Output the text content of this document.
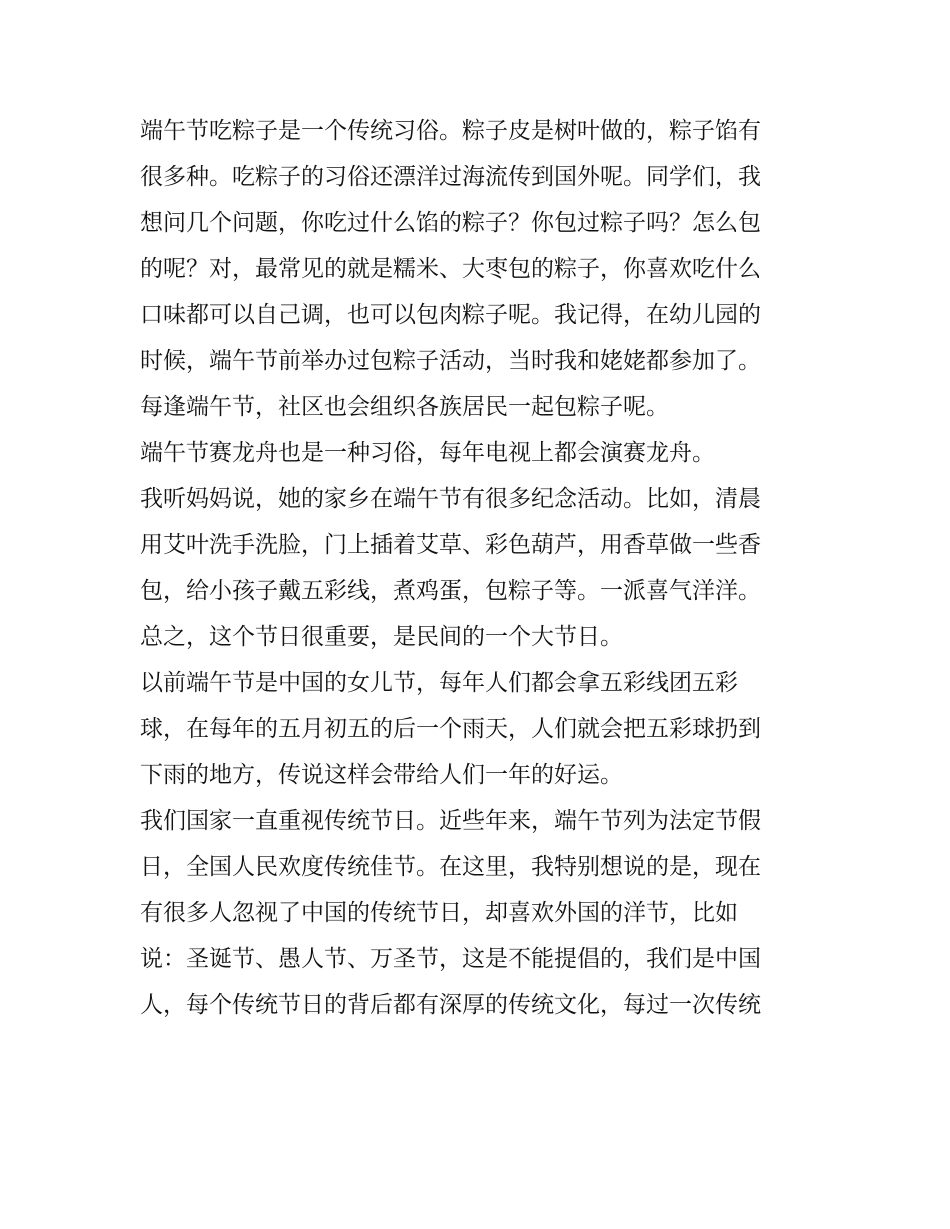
端午节吃粽子是一个传统习俗。粽子皮是树叶做的，粽子馅有
很多种。吃粽子的习俗还漂洋过海流传到国外呢。同学们，我
想问几个问题，你吃过什么馅的粽子？你包过粽子吗？怎么包
的呢？对，最常见的就是糯米、大枣包的粽子，你喜欢吃什么
口味都可以自己调，也可以包肉粽子呢。我记得，在幼儿园的
时候，端午节前举办过包粽子活动，当时我和姥姥都参加了。
每逢端午节，社区也会组织各族居民一起包粽子呢。
端午节赛龙舟也是一种习俗，每年电视上都会演赛龙舟。
我听妈妈说，她的家乡在端午节有很多纪念活动。比如，清晨
用艾叶洗手洗脸，门上插着艾草、彩色葫芦，用香草做一些香
包，给小孩子戴五彩线，煮鸡蛋，包粽子等。一派喜气洋洋。
总之，这个节日很重要，是民间的一个大节日。
以前端午节是中国的女儿节，每年人们都会拿五彩线团五彩
球，在每年的五月初五的后一个雨天，人们就会把五彩球扔到
下雨的地方，传说这样会带给人们一年的好运。
我们国家一直重视传统节日。近些年来，端午节列为法定节假
日，全国人民欢度传统佳节。在这里，我特别想说的是，现在
有很多人忽视了中国的传统节日，却喜欢外国的洋节，比如
说：圣诞节、愚人节、万圣节，这是不能提倡的，我们是中国
人，每个传统节日的背后都有深厚的传统文化，每过一次传统
